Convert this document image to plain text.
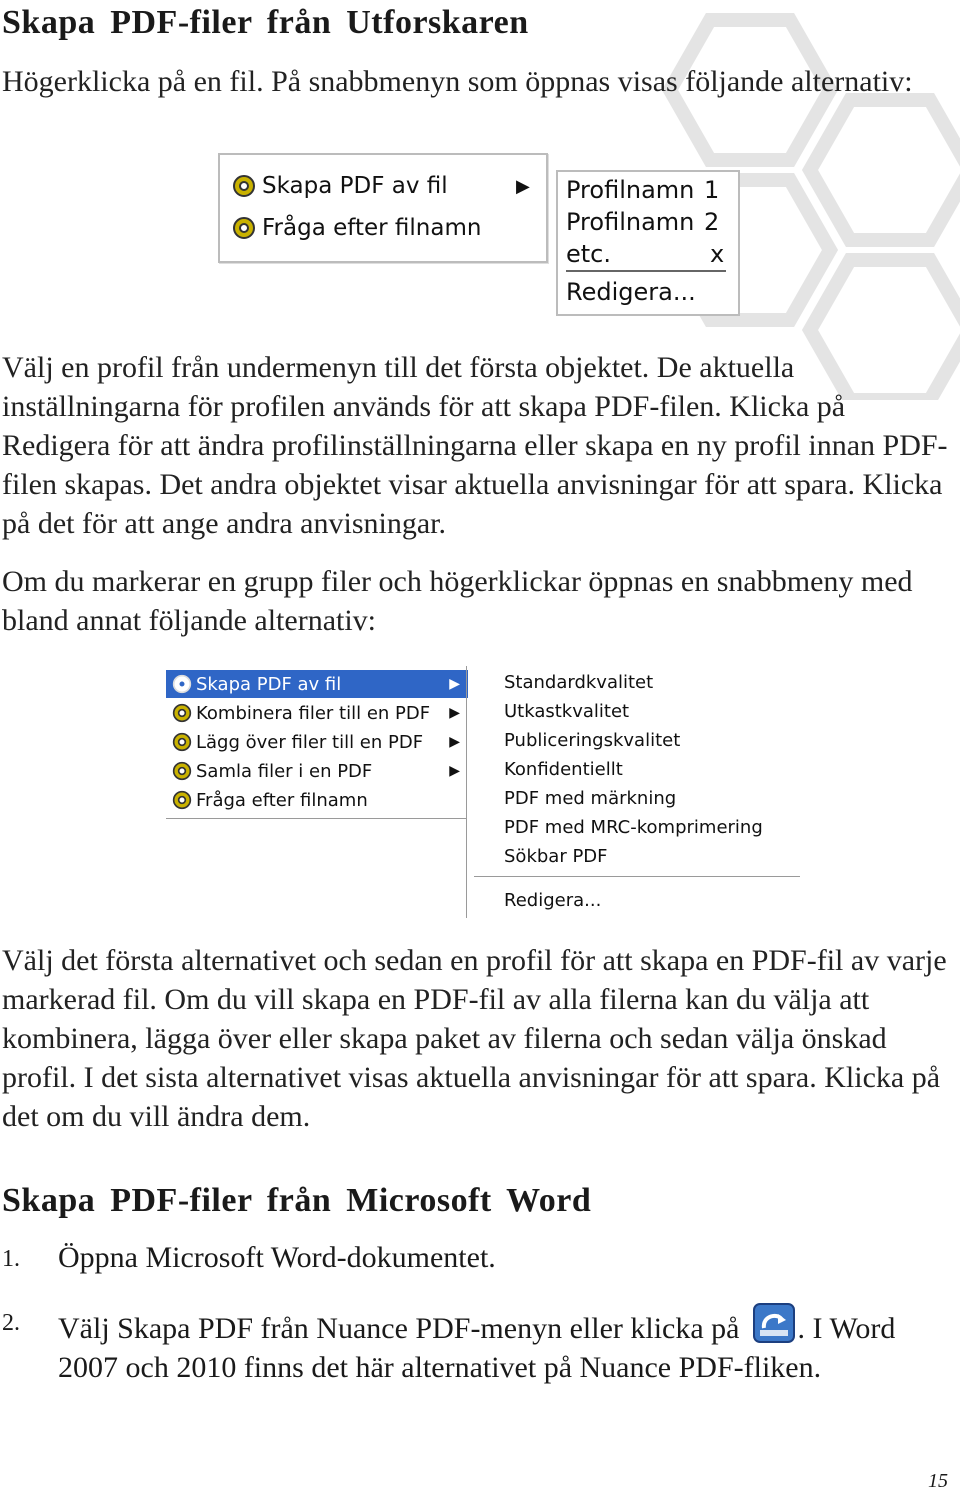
Skapa PDF-filer från Utforskaren

Högerklicka på en fil. På snabbmenyn som öppnas visas följande alternativ:

Skapa PDF av fil	▶
Fråga efter filnamn
Profilnamn 1
Profilnamn 2
etc.	x
Redigera...

Välj en profil från undermenyn till det första objektet. De aktuella inställningarna för profilen används för att skapa PDF-filen. Klicka på Redigera för att ändra profilinställningarna eller skapa en ny profil innan PDF-filen skapas. Det andra objektet visar aktuella anvisningar för att spara. Klicka på det för att ange andra anvisningar.

Om du markerar en grupp filer och högerklickar öppnas en snabbmeny med bland annat följande alternativ:

Skapa PDF av fil	▶
Kombinera filer till en PDF ▶
Lägg över filer till en PDF ▶
Samla filer i en PDF	▶
Fråga efter filnamn
Standardkvalitet
Utkastkvalitet
Publiceringskvalitet
Konfidentiellt
PDF med märkning
PDF med MRC-komprimering
Sökbar PDF
Redigera...

Välj det första alternativet och sedan en profil för att skapa en PDF-fil av varje markerad fil. Om du vill skapa en PDF-fil av alla filerna kan du välja att kombinera, lägga över eller skapa paket av filerna och sedan välja önskad profil. I det sista alternativet visas aktuella anvisningar för att spara. Klicka på det om du vill ändra dem.

Skapa PDF-filer från Microsoft Word
1. Öppna Microsoft Word-dokumentet.

2. Välj Skapa PDF från Nuance PDF-menyn eller klicka på . I Word 2007 och 2010 finns det här alternativet på Nuance PDF-fliken.

15
